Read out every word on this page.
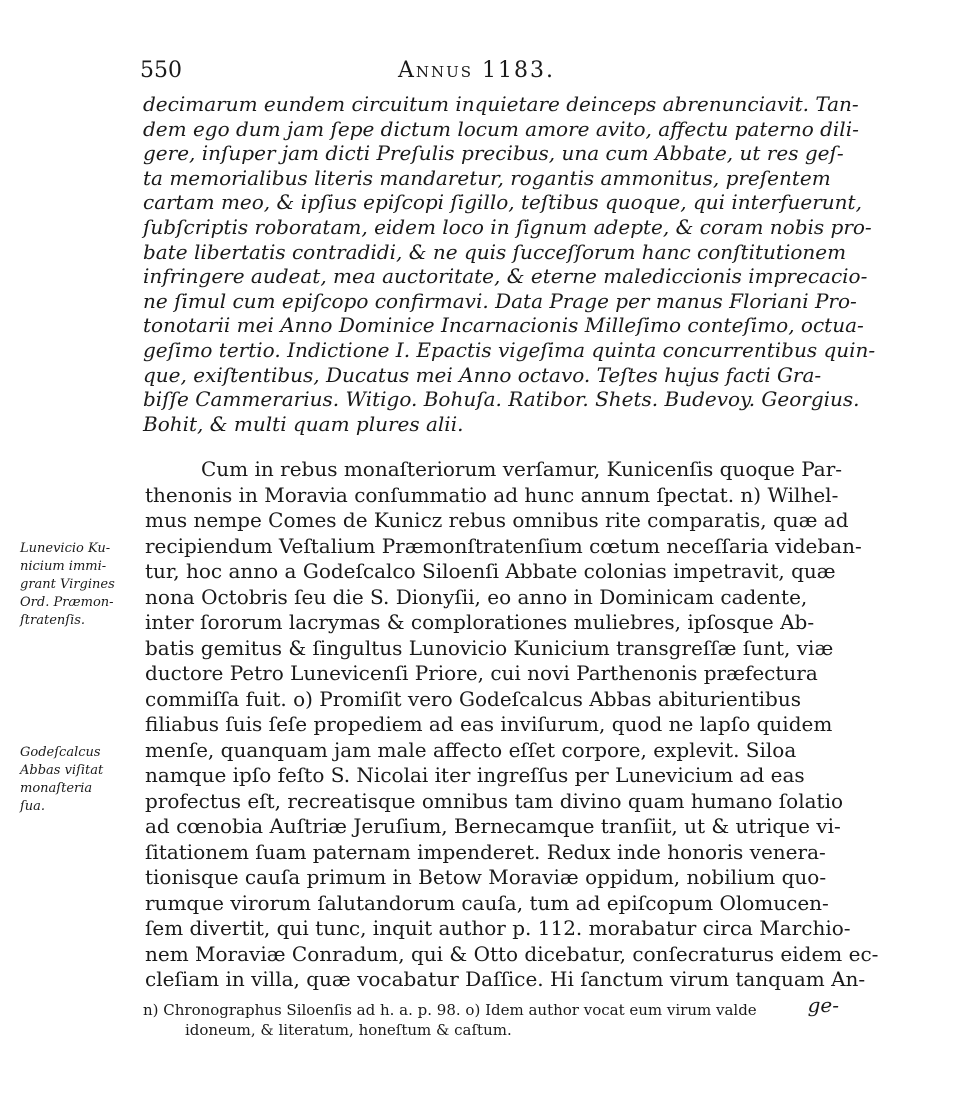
550	Annus 1183.
decimarum eundem circuitum inquietare deinceps abrenunciavit. Tan-
dem ego dum jam ſepe dictum locum amore avito, affectu paterno dili-
gere, inſuper jam dicti Preſulis precibus, una cum Abbate, ut res geſ-
ta memorialibus literis mandaretur, rogantis ammonitus, preſentem
cartam meo, & ipſius epiſcopi ſigillo, teſtibus quoque, qui interfuerunt,
ſubſcriptis roboratam, eidem loco in ſignum adepte, & coram nobis pro-
bate libertatis contradidi, & ne quis ſucceſſorum hanc conſtitutionem
infringere audeat, mea auctoritate, & eterne malediccionis imprecacio-
ne ſimul cum epiſcopo confirmavi. Data Prage per manus Floriani Pro-
tonotarii mei Anno Dominice Incarnacionis Milleſimo conteſimo, octua-
geſimo tertio. Indictione I. Epactis vigeſima quinta concurrentibus quin-
que, exiſtentibus, Ducatus mei Anno octavo. Teſtes hujus facti Gra-
biſſe Cammerarius. Witigo. Bohuſa. Ratibor. Shets. Budevoy. Georgius.
Bohit, & multi quam plures alii.
Lunevicio Ku-
nicium immi-
grant Virgines
Ord. Præmon-
ſtratenſis.
Godeſcalcus
Abbas viſitat
monaſteria
ſua.
Cum in rebus monaſteriorum verſamur, Kunicenſis quoque Par-
thenonis in Moravia conſummatio ad hunc annum ſpectat. n) Wilhel-
mus nempe Comes de Kunicz rebus omnibus rite comparatis, quæ ad
recipiendum Veſtalium Præmonſtratenſium cœtum neceſſaria videban-
tur, hoc anno a Godeſcalco Siloenſi Abbate colonias impetravit, quæ
nona Octobris ſeu die S. Dionyſii, eo anno in Dominicam cadente,
inter ſororum lacrymas & complorationes muliebres, ipſosque Ab-
batis gemitus & ſingultus Lunovicio Kunicium transgreſſæ ſunt, viæ
ductore Petro Lunevicenſi Priore, cui novi Parthenonis præfectura
commiſſa fuit. o) Promiſit vero Godeſcalcus Abbas abiturientibus
filiabus ſuis ſeſe propediem ad eas inviſurum, quod ne lapſo quidem
menſe, quanquam jam male affecto eſſet corpore, explevit. Siloa
namque ipſo feſto S. Nicolai iter ingreſſus per Lunevicium ad eas
profectus eſt, recreatisque omnibus tam divino quam humano ſolatio
ad cœnobia Auſtriæ Jeruſium, Bernecamque tranſiit, ut & utrique vi-
ſitationem ſuam paternam impenderet. Redux inde honoris venera-
tionisque cauſa primum in Betow Moraviæ oppidum, nobilium quo-
rumque virorum ſalutandorum cauſa, tum ad epiſcopum Olomucen-
ſem divertit, qui tunc, inquit author p. 112. morabatur circa Marchio-
nem Moraviæ Conradum, qui & Otto dicebatur, conſecraturus eidem ec-
cleſiam in villa, quæ vocabatur Daſſice. Hi ſanctum virum tanquam An-
ge-
n) Chronographus Siloenſis ad h. a. p. 98. o) Idem author vocat eum virum valde
idoneum, & literatum, honeſtum & caſtum.
